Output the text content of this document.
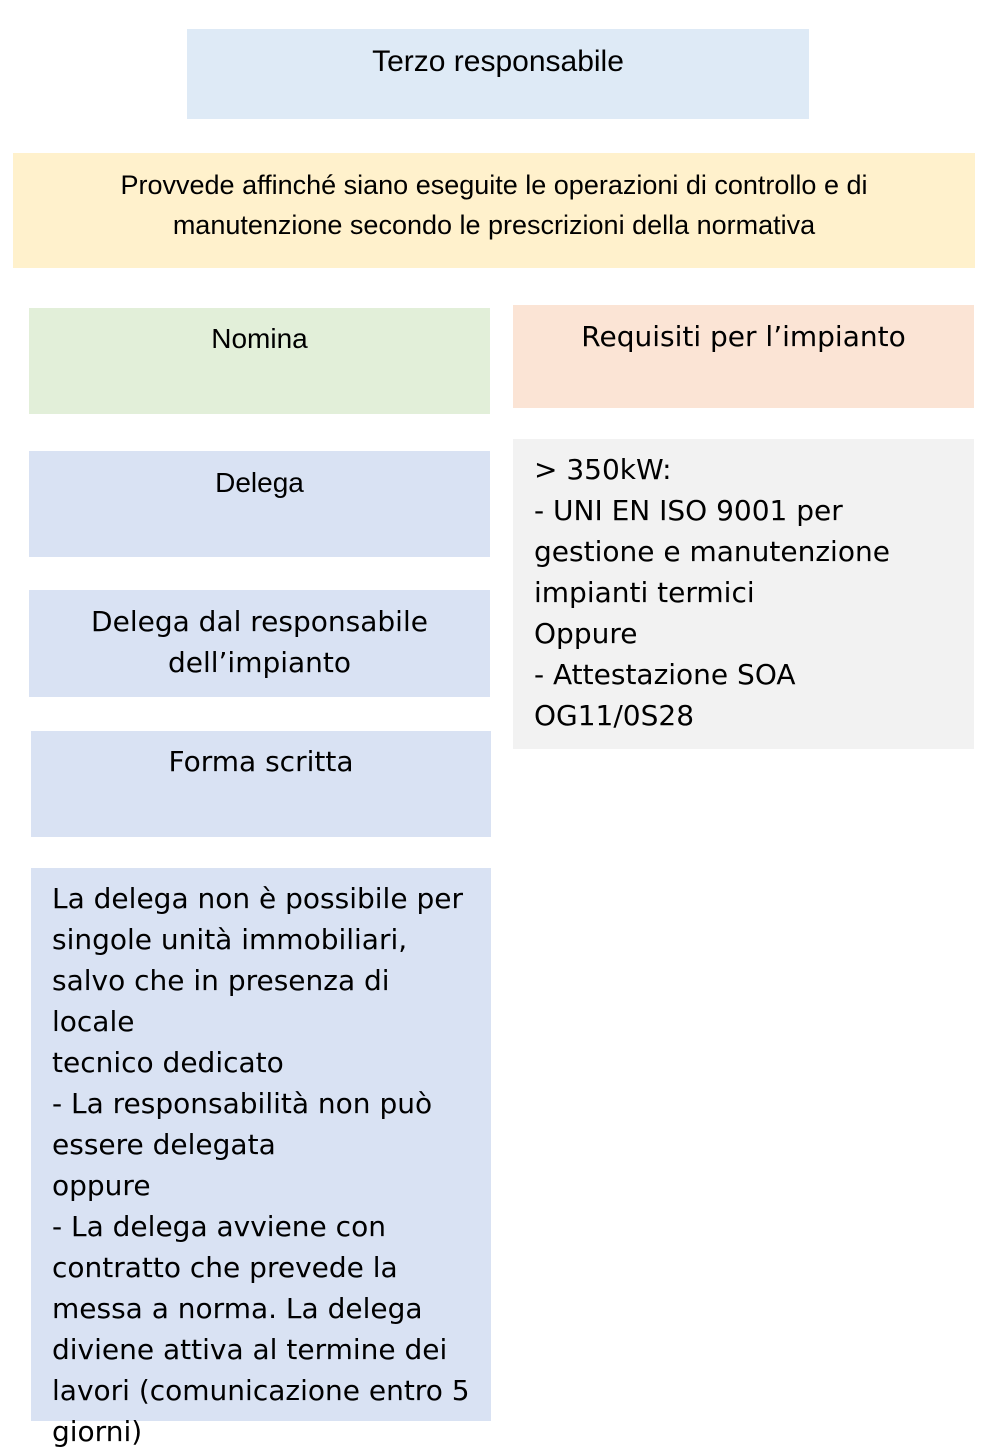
Terzo responsabile
Provvede affinché siano eseguite le operazioni di controllo e di
manutenzione secondo le prescrizioni della normativa
Nomina	Requisiti per l’impianto
Delega
Delega dal responsabile
dell’impianto
Forma scritta
> 350kW:
- UNI EN ISO 9001 per
gestione e manutenzione
impianti termici
Oppure
- Attestazione SOA
OG11/0S28
La delega non è possibile per
singole unità immobiliari,
salvo che in presenza di locale
tecnico dedicato
- La responsabilità non può
essere delegata
oppure
- La delega avviene con
contratto che prevede la
messa a norma. La delega
diviene attiva al termine dei
lavori (comunicazione entro 5
giorni)
